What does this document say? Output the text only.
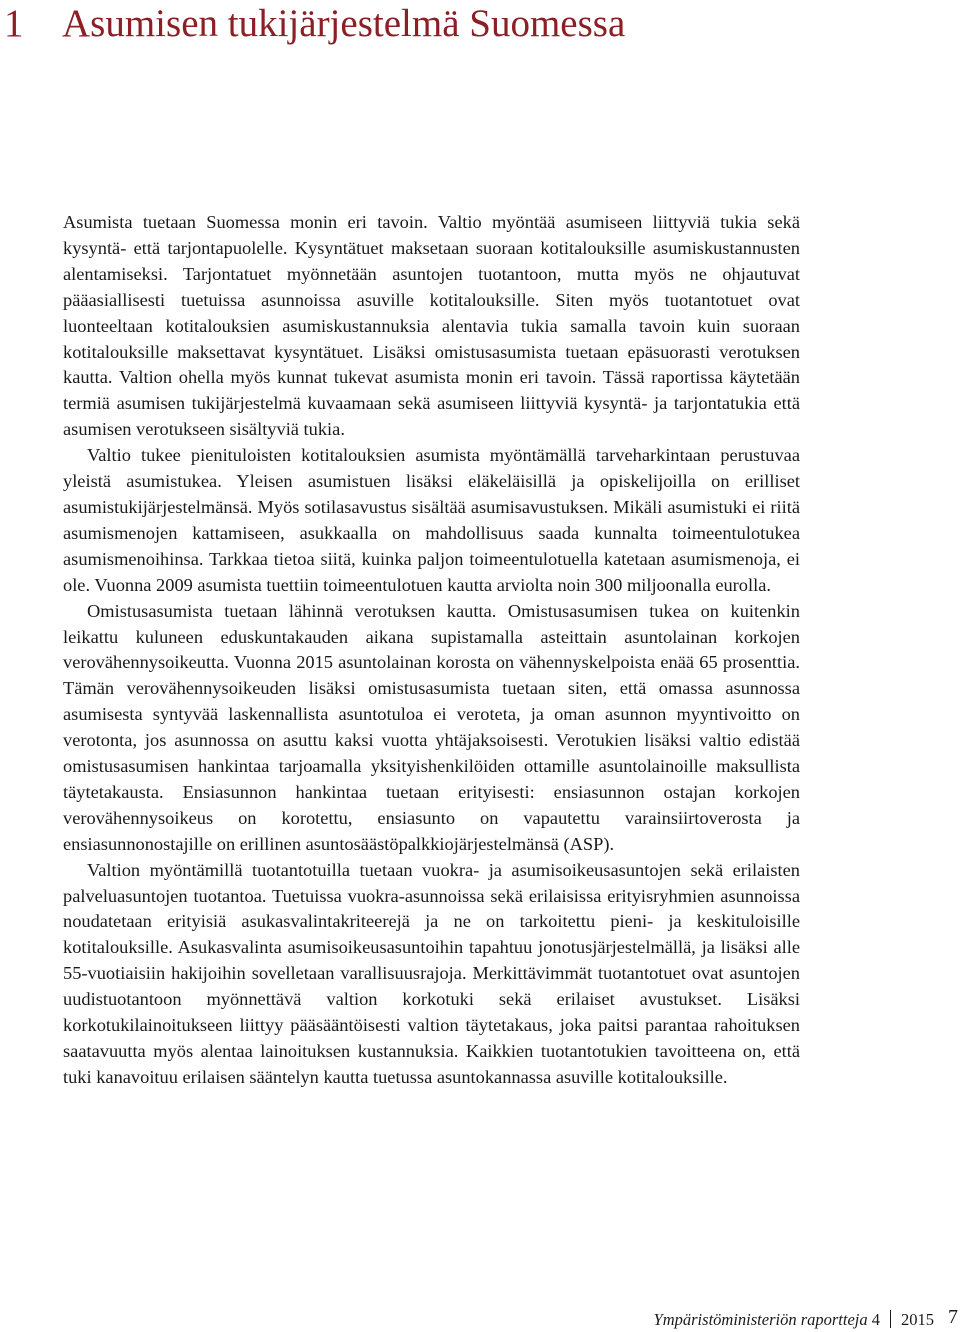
1 Asumisen tukijärjestelmä Suomessa

Asumista tuetaan Suomessa monin eri tavoin. Valtio myöntää asumiseen liittyviä tukia sekä kysyntä- että tarjontapuolelle. Kysyntätuet maksetaan suoraan kotitalouksille asumiskustannusten alentamiseksi. Tarjontatuet myönnetään asuntojen tuotantoon, mutta myös ne ohjautuvat pääasiallisesti tuetuissa asunnoissa asuville kotitalouksille. Siten myös tuotantotuet ovat luonteeltaan kotitalouksien asumiskustannuksia alentavia tukia samalla tavoin kuin suoraan kotitalouksille maksettavat kysyntätuet. Lisäksi omistusasumista tuetaan epäsuorasti verotuksen kautta. Valtion ohella myös kunnat tukevat asumista monin eri tavoin. Tässä raportissa käytetään termiä asumisen tukijärjestelmä kuvaamaan sekä asumiseen liittyviä kysyntä- ja tarjontatukia että asumisen verotukseen sisältyviä tukia.

Valtio tukee pienituloisten kotitalouksien asumista myöntämällä tarveharkintaan perustuvaa yleistä asumistukea. Yleisen asumistuen lisäksi eläkeläisillä ja opiskelijoilla on erilliset asumistukijärjestelmänsä. Myös sotilasavustus sisältää asumisavustuksen. Mikäli asumistuki ei riitä asumismenojen kattamiseen, asukkaalla on mahdollisuus saada kunnalta toimeentulotukea asumismenoihinsa. Tarkkaa tietoa siitä, kuinka paljon toimeentulotuella katetaan asumismenoja, ei ole. Vuonna 2009 asumista tuettiin toimeentulotuen kautta arviolta noin 300 miljoonalla eurolla.

Omistusasumista tuetaan lähinnä verotuksen kautta. Omistusasumisen tukea on kuitenkin leikattu kuluneen eduskuntakauden aikana supistamalla asteittain asuntolainan korkojen verovähennysoikeutta. Vuonna 2015 asuntolainan korosta on vähennyskelpoista enää 65 prosenttia. Tämän verovähennysoikeuden lisäksi omistusasumista tuetaan siten, että omassa asunnossa asumisesta syntyvää laskennallista asuntotuloa ei veroteta, ja oman asunnon myyntivoitto on verotonta, jos asunnossa on asuttu kaksi vuotta yhtäjaksoisesti. Verotukien lisäksi valtio edistää omistusasumisen hankintaa tarjoamalla yksityishenkilöiden ottamille asuntolainoille maksullista täytetakausta. Ensiasunnon hankintaa tuetaan erityisesti: ensiasunnon ostajan korkojen verovähennysoikeus on korotettu, ensiasunto on vapautettu varainsiirtoverosta ja ensiasunnonostajille on erillinen asuntosäästöpalkkiojärjestelmänsä (ASP).

Valtion myöntämillä tuotantotuilla tuetaan vuokra- ja asumisoikeusasuntojen sekä erilaisten palveluasuntojen tuotantoa. Tuetuissa vuokra-asunnoissa sekä erilaisissa erityisryhmien asunnoissa noudatetaan erityisiä asukasvalintakriteerejä ja ne on tarkoitettu pieni- ja keskituloisille kotitalouksille. Asukasvalinta asumisoikeusasuntoihin tapahtuu jonotusjärjestelmällä, ja lisäksi alle 55-vuotiaisiin hakijoihin sovelletaan varallisuusrajoja. Merkittävimmät tuotantotuet ovat asuntojen uudistuotantoon myönnettävä valtion korkotuki sekä erilaiset avustukset. Lisäksi korkotukilainoitukseen liittyy pääsääntöisesti valtion täytetakaus, joka paitsi parantaa rahoituksen saatavuutta myös alentaa lainoituksen kustannuksia. Kaikkien tuotantotukien tavoitteena on, että tuki kanavoituu erilaisen sääntelyn kautta tuetussa asuntokannassa asuville kotitalouksille.

Ympäristöministeriön raportteja 4 2015 7
